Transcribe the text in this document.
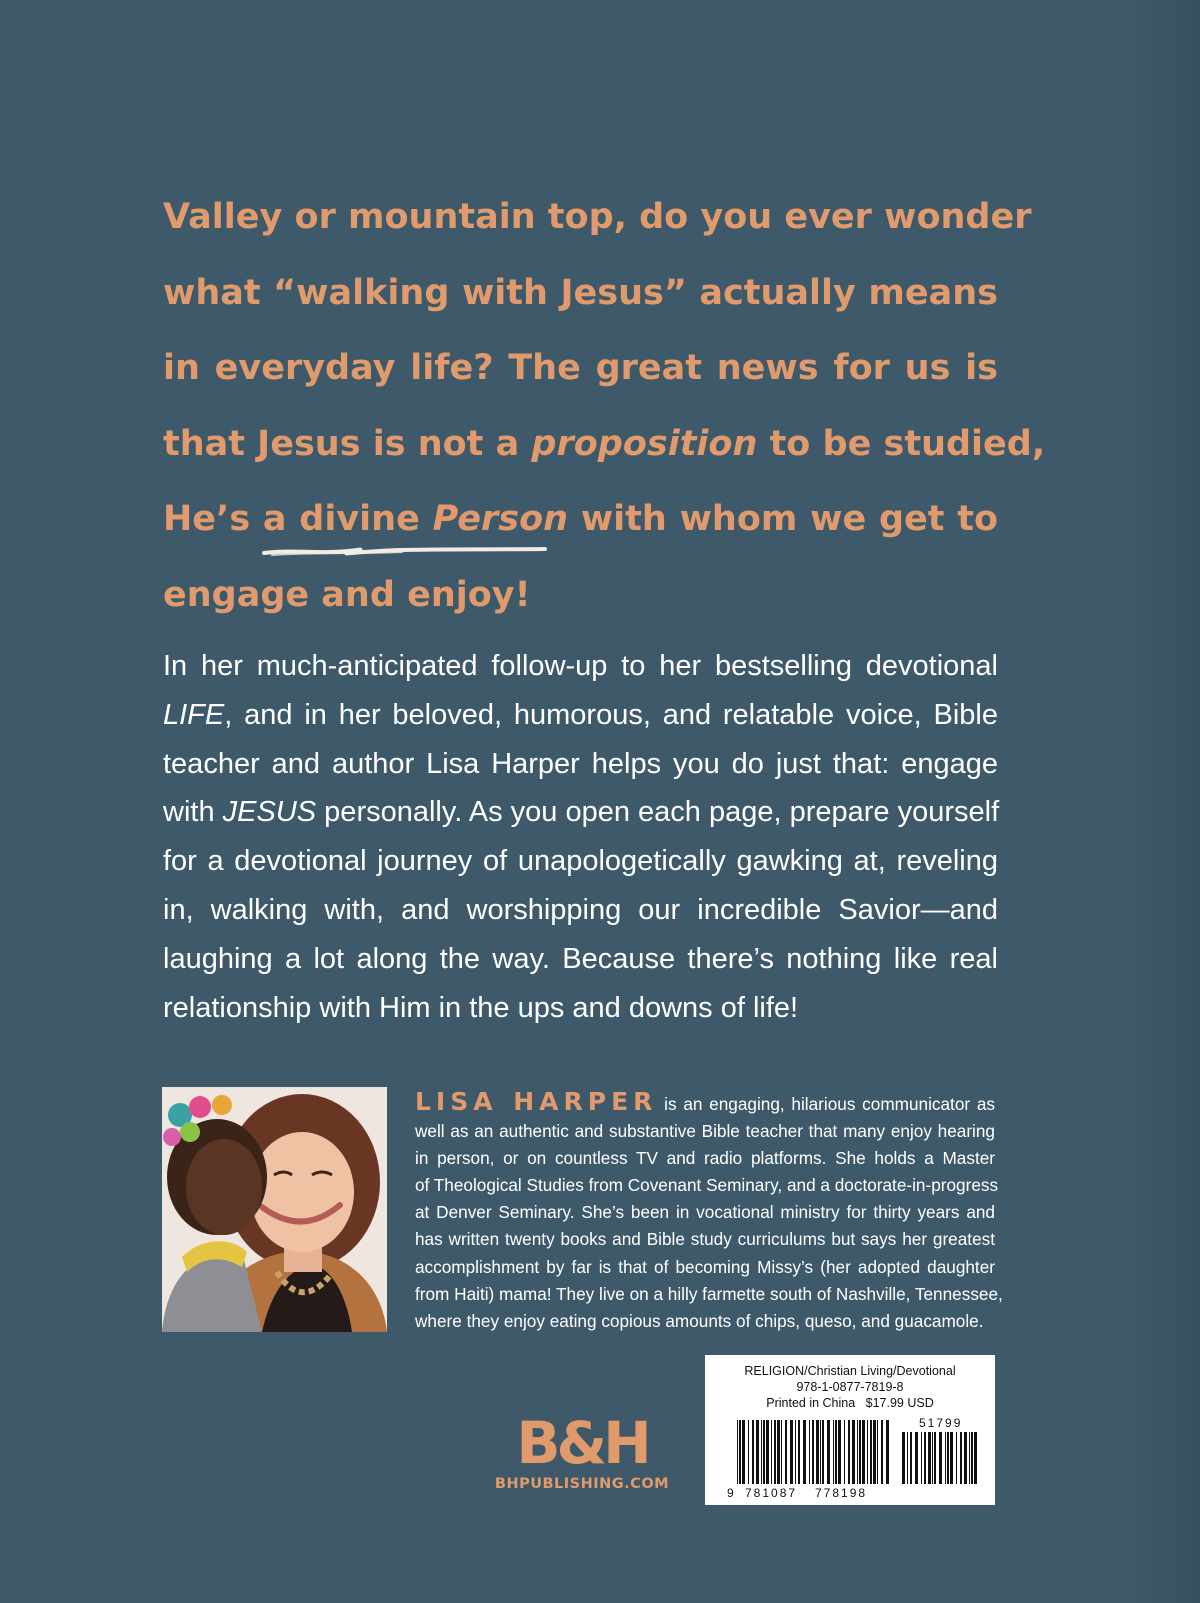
Valley or mountain top, do you ever wonder
what “walking with Jesus” actually means
in everyday life? The great news for us is
that Jesus is not a proposition to be studied,
He’s a divine Person with whom we get to
engage and enjoy!
In her much-anticipated follow-up to her bestselling devotional
LIFE, and in her beloved, humorous, and relatable voice, Bible
teacher and author Lisa Harper helps you do just that: engage
with JESUS personally. As you open each page, prepare yourself
for a devotional journey of unapologetically gawking at, reveling
in, walking with, and worshipping our incredible Savior—and
laughing a lot along the way. Because there’s nothing like real
relationship with Him in the ups and downs of life!
LISA HARPER is an engaging, hilarious communicator as
well as an authentic and substantive Bible teacher that many enjoy hearing
in person, or on countless TV and radio platforms. She holds a Master
of Theological Studies from Covenant Seminary, and a doctorate-in-progress
at Denver Seminary. She’s been in vocational ministry for thirty years and
has written twenty books and Bible study curriculums but says her greatest
accomplishment by far is that of becoming Missy’s (her adopted daughter
from Haiti) mama! They live on a hilly farmette south of Nashville, Tennessee,
where they enjoy eating copious amounts of chips, queso, and guacamole.
B&H
BHPUBLISHING.COM
RELIGION/Christian Living/Devotional
978-1-0877-7819-8
Printed in China $17.99 USD
9 781087 778198
51799
